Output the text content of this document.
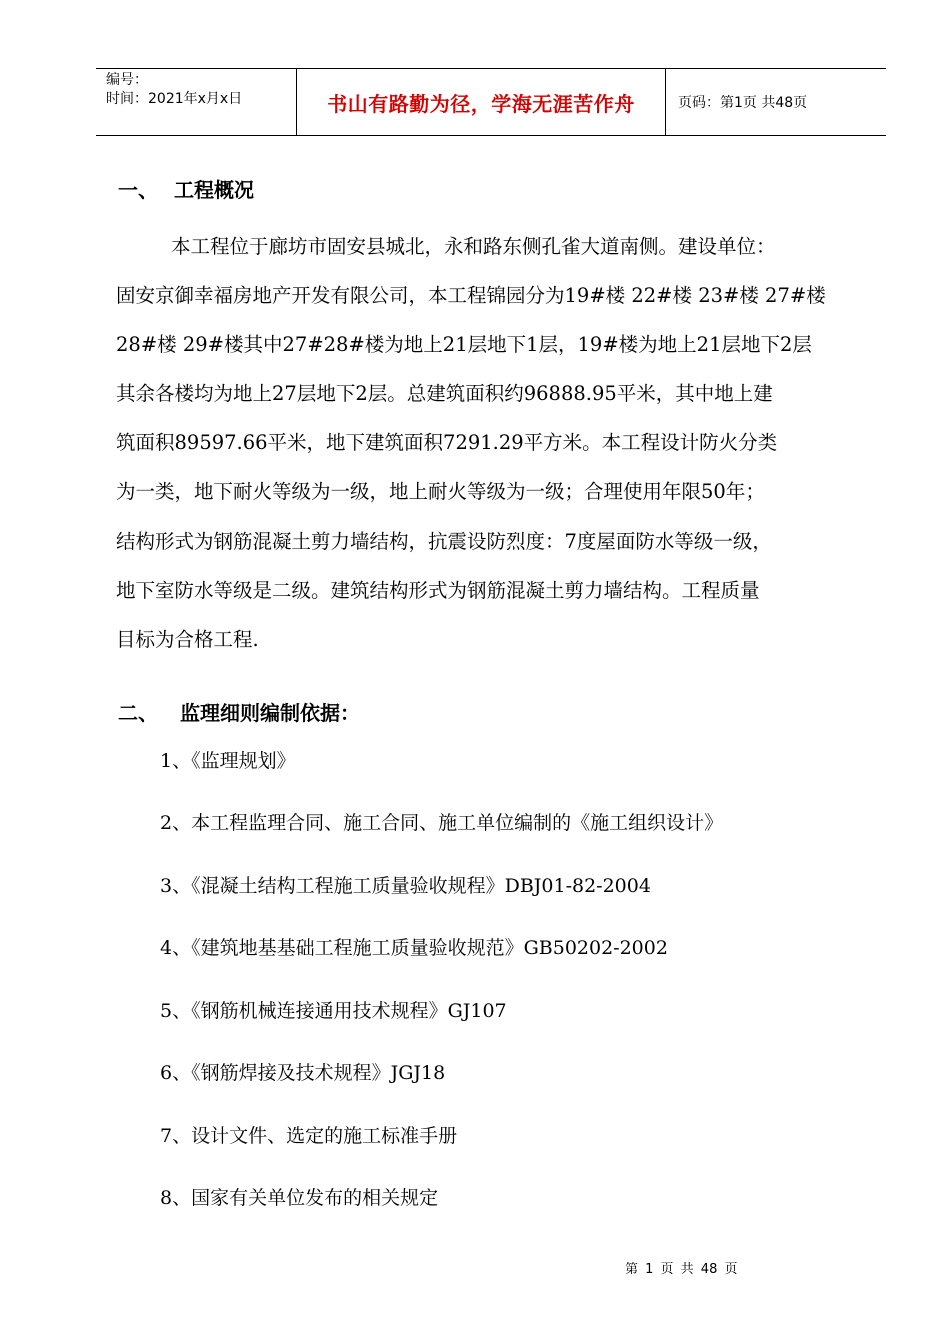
编号：
时间：2021年x月x日	书山有路勤为径，学海无涯苦作舟	页码：第1页 共48页
一、 工程概况
本工程位于廊坊市固安县城北，永和路东侧孔雀大道南侧。建设单位：
固安京御幸福房地产开发有限公司，本工程锦园分为19#楼 22#楼 23#楼 27#楼
28#楼 29#楼其中27#28#楼为地上21层地下1层，19#楼为地上21层地下2层
其余各楼均为地上27层地下2层。总建筑面积约96888.95平米，其中地上建
筑面积89597.66平米，地下建筑面积7291.29平方米。本工程设计防火分类
为一类，地下耐火等级为一级，地上耐火等级为一级；合理使用年限50年；
结构形式为钢筋混凝土剪力墙结构，抗震设防烈度：7度屋面防水等级一级，
地下室防水等级是二级。建筑结构形式为钢筋混凝土剪力墙结构。工程质量
目标为合格工程.
二、 监理细则编制依据：
1、《监理规划》
2、本工程监理合同、施工合同、施工单位编制的《施工组织设计》
3、《混凝土结构工程施工质量验收规程》DBJ01-82-2004
4、《建筑地基基础工程施工质量验收规范》GB50202-2002
5、《钢筋机械连接通用技术规程》GJ107
6、《钢筋焊接及技术规程》JGJ18
7、设计文件、选定的施工标准手册
8、国家有关单位发布的相关规定
第 1 页 共 48 页
